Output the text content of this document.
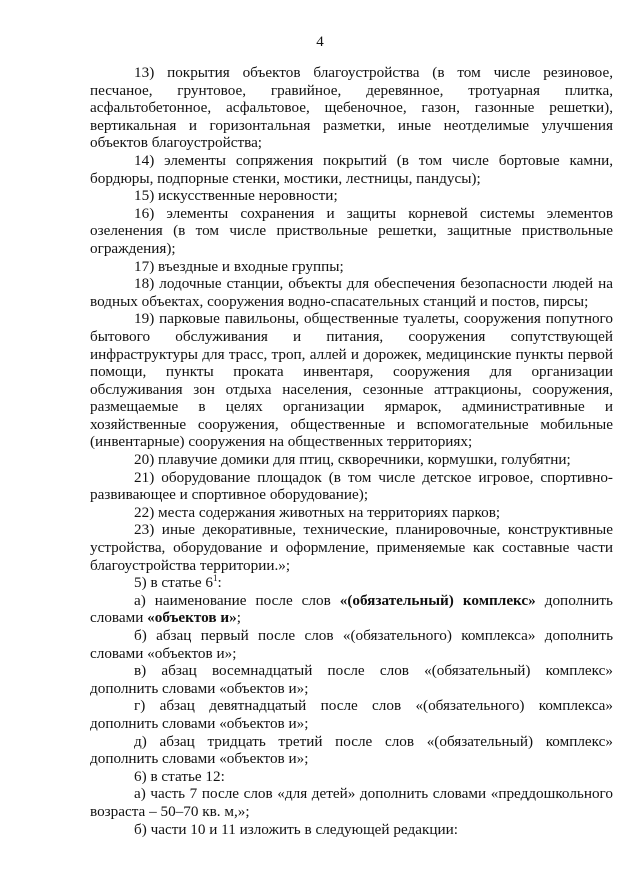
4

13) покрытия объектов благоустройства (в том числе резиновое, песчаное, грунтовое, гравийное, деревянное, тротуарная плитка, асфальтобетонное, асфальтовое, щебеночное, газон, газонные решетки), вертикальная и горизонтальная разметки, иные неотделимые улучшения объектов благоустройства;

14) элементы сопряжения покрытий (в том числе бортовые камни, бордюры, подпорные стенки, мостики, лестницы, пандусы);

15) искусственные неровности;

16) элементы сохранения и защиты корневой системы элементов озеленения (в том числе приствольные решетки, защитные приствольные ограждения);

17) въездные и входные группы;

18) лодочные станции, объекты для обеспечения безопасности людей на водных объектах, сооружения водно-спасательных станций и постов, пирсы;

19) парковые павильоны, общественные туалеты, сооружения попутного бытового обслуживания и питания, сооружения сопутствующей инфраструктуры для трасс, троп, аллей и дорожек, медицинские пункты первой помощи, пункты проката инвентаря, сооружения для организации обслуживания зон отдыха населения, сезонные аттракционы, сооружения, размещаемые в целях организации ярмарок, административные и хозяйственные сооружения, общественные и вспомогательные мобильные (инвентарные) сооружения на общественных территориях;

20) плавучие домики для птиц, скворечники, кормушки, голубятни;

21) оборудование площадок (в том числе детское игровое, спортивно-развивающее и спортивное оборудование);

22) места содержания животных на территориях парков;

23) иные декоративные, технические, планировочные, конструктивные устройства, оборудование и оформление, применяемые как составные части благоустройства территории.»;

5) в статье $6^1$:

а) наименование после слов «(обязательный) комплекс» дополнить словами «объектов и»;

б) абзац первый после слов «(обязательного) комплекса» дополнить словами «объектов и»;

в) абзац восемнадцатый после слов «(обязательный) комплекс» дополнить словами «объектов и»;

г) абзац девятнадцатый после слов «(обязательного) комплекса» дополнить словами «объектов и»;

д) абзац тридцать третий после слов «(обязательный) комплекс» дополнить словами «объектов и»;

6) в статье 12:

а) часть 7 после слов «для детей» дополнить словами «преддошкольного возраста – 50–70 кв. м,»;

б) части 10 и 11 изложить в следующей редакции:
